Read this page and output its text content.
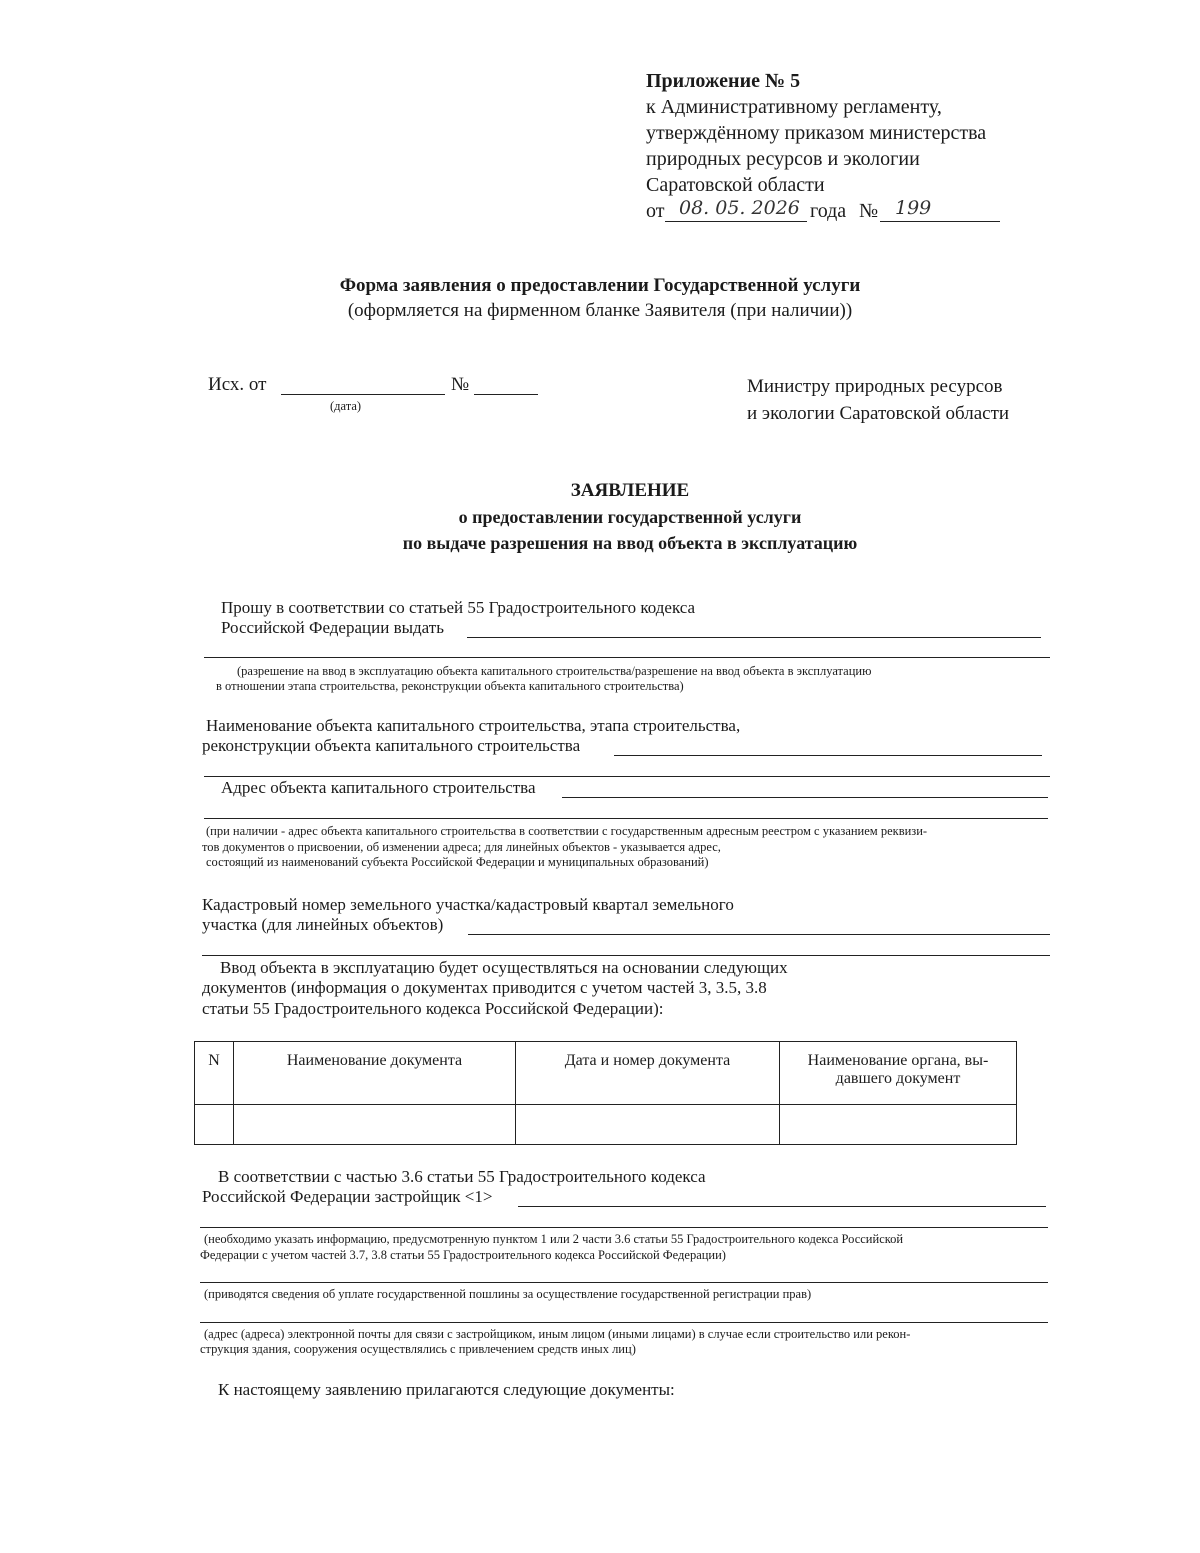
Приложение № 5
к Административному регламенту,
утверждённому приказом министерства
природных ресурсов и экологии
Саратовской области
от 08. 05. 2026 года № 199
Форма заявления о предоставлении Государственной услуги
(оформляется на фирменном бланке Заявителя (при наличии))
Исх. от	№
(дата)
Министру природных ресурсов
и экологии Саратовской области
ЗАЯВЛЕНИЕ
о предоставлении государственной услуги
по выдаче разрешения на ввод объекта в эксплуатацию
Прошу в соответствии со статьей 55 Градостроительного кодекса
Российской Федерации выдать
(разрешение на ввод в эксплуатацию объекта капитального строительства/разрешение на ввод объекта в эксплуатацию
в отношении этапа строительства, реконструкции объекта капитального строительства)
Наименование объекта капитального строительства, этапа строительства,
реконструкции объекта капитального строительства
Адрес объекта капитального строительства
(при наличии - адрес объекта капитального строительства в соответствии с государственным адресным реестром с указанием реквизи-
тов документов о присвоении, об изменении адреса; для линейных объектов - указывается адрес,
состоящий из наименований субъекта Российской Федерации и муниципальных образований)
Кадастровый номер земельного участка/кадастровый квартал земельного
участка (для линейных объектов)
Ввод объекта в эксплуатацию будет осуществляться на основании следующих
документов (информация о документах приводится с учетом частей 3, 3.5, 3.8
статьи 55 Градостроительного кодекса Российской Федерации):
N	Наименование документа	Дата и номер документа	Наименование органа, вы-
давшего документ

В соответствии с частью 3.6 статьи 55 Градостроительного кодекса
Российской Федерации застройщик <1>
(необходимо указать информацию, предусмотренную пунктом 1 или 2 части 3.6 статьи 55 Градостроительного кодекса Российской
Федерации с учетом частей 3.7, 3.8 статьи 55 Градостроительного кодекса Российской Федерации)
(приводятся сведения об уплате государственной пошлины за осуществление государственной регистрации прав)
(адрес (адреса) электронной почты для связи с застройщиком, иным лицом (иными лицами) в случае если строительство или рекон-
струкция здания, сооружения осуществлялись с привлечением средств иных лиц)
К настоящему заявлению прилагаются следующие документы:
